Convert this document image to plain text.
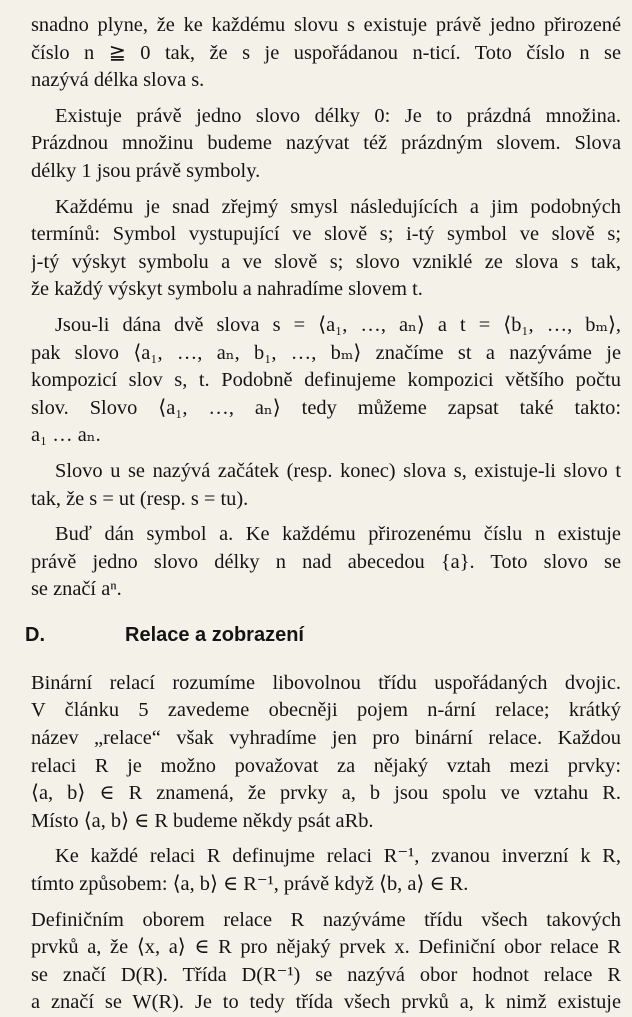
snadno plyne, že ke každému slovu s existuje právě jedno přirozené
číslo n ≧ 0 tak, že s je uspořádanou n-ticí. Toto číslo n se
nazývá délka slova s.
Existuje právě jedno slovo délky 0: Je to prázdná množina.
Prázdnou množinu budeme nazývat též prázdným slovem. Slova
délky 1 jsou právě symboly.
Každému je snad zřejmý smysl následujících a jim podobných
termínů: Symbol vystupující ve slově s; i-tý symbol ve slově s;
j-tý výskyt symbolu a ve slově s; slovo vzniklé ze slova s tak,
že každý výskyt symbolu a nahradíme slovem t.
Jsou-li dána dvě slova s = ⟨a₁, …, aₙ⟩ a t = ⟨b₁, …, bₘ⟩,
pak slovo ⟨a₁, …, aₙ, b₁, …, bₘ⟩ značíme st a nazýváme je
kompozicí slov s, t. Podobně definujeme kompozici většího počtu
slov. Slovo ⟨a₁, …, aₙ⟩ tedy můžeme zapsat také takto:
a₁ … aₙ.
Slovo u se nazývá začátek (resp. konec) slova s, existuje-li slovo t
tak, že s = ut (resp. s = tu).
Buď dán symbol a. Ke každému přirozenému číslu n existuje
právě jedno slovo délky n nad abecedou {a}. Toto slovo se
se značí aⁿ.
D.	Relace a zobrazení
Binární relací rozumíme libovolnou třídu uspořádaných dvojic.
V článku 5 zavedeme obecněji pojem n-ární relace; krátký
název „relace“ však vyhradíme jen pro binární relace. Každou
relaci R je možno považovat za nějaký vztah mezi prvky:
⟨a, b⟩ ∈ R znamená, že prvky a, b jsou spolu ve vztahu R.
Místo ⟨a, b⟩ ∈ R budeme někdy psát aRb.
Ke každé relaci R definujme relaci R⁻¹, zvanou inverzní k R,
tímto způsobem: ⟨a, b⟩ ∈ R⁻¹, právě když ⟨b, a⟩ ∈ R.
Definičním oborem relace R nazýváme třídu všech takových
prvků a, že ⟨x, a⟩ ∈ R pro nějaký prvek x. Definiční obor relace R
se značí D(R). Třída D(R⁻¹) se nazývá obor hodnot relace R
a značí se W(R). Je to tedy třída všech prvků a, k nimž existuje
